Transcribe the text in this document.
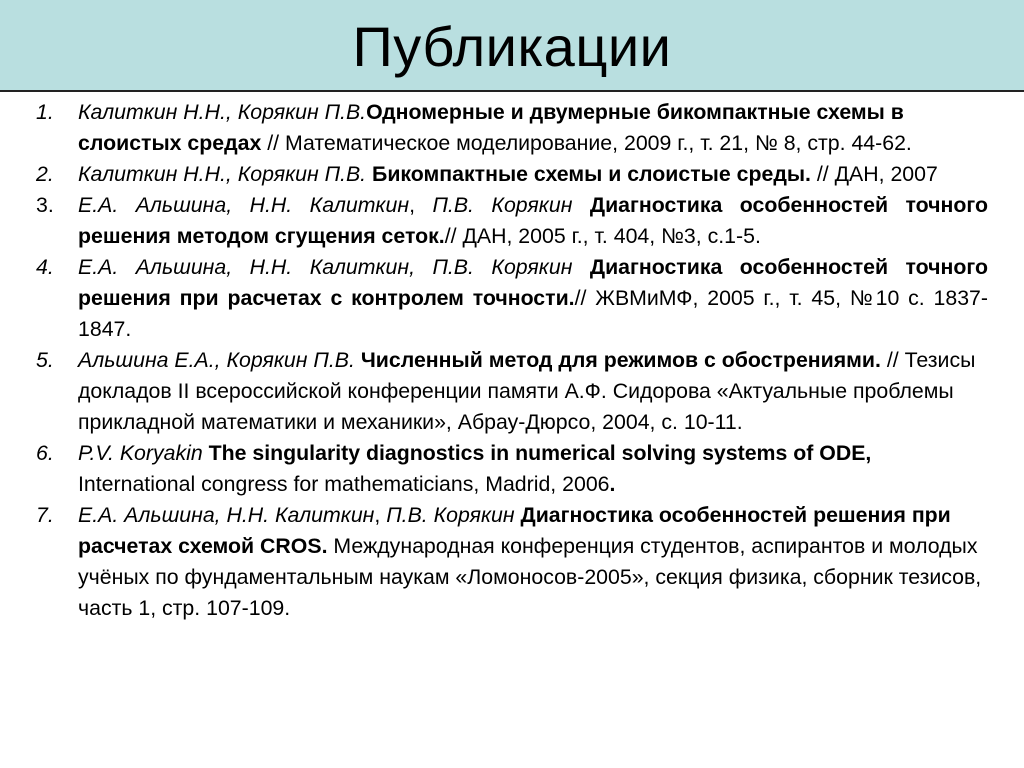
Публикации
1. Калиткин Н.Н., Корякин П.В.Одномерные и двумерные бикомпактные схемы в слоистых средах // Математическое моделирование, 2009 г., т. 21, № 8, стр. 44-62.
2. Калиткин Н.Н., Корякин П.В. Бикомпактные схемы и слоистые среды. // ДАН, 2007
3. Е.А. Альшина, Н.Н. Калиткин, П.В. Корякин Диагностика особенностей точного решения методом сгущения сеток.// ДАН, 2005 г., т. 404, №3, с.1-5.
4. Е.А. Альшина, Н.Н. Калиткин, П.В. Корякин Диагностика особенностей точного решения при расчетах с контролем точности.// ЖВМиМФ, 2005 г., т. 45, №10 с. 1837-1847.
5. Альшина Е.А., Корякин П.В. Численный метод для режимов с обострениями. // Тезисы докладов II всероссийской конференции памяти А.Ф. Сидорова «Актуальные проблемы прикладной математики и механики», Абрау-Дюрсо, 2004, с. 10-11.
6. P.V. Koryakin The singularity diagnostics in numerical solving systems of ODE, International congress for mathematicians, Madrid, 2006.
7. Е.А. Альшина, Н.Н. Калиткин, П.В. Корякин Диагностика особенностей решения при расчетах схемой CROS. Международная конференция студентов, аспирантов и молодых учёных по фундаментальным наукам «Ломоносов-2005», секция физика, сборник тезисов, часть 1, стр. 107-109.
